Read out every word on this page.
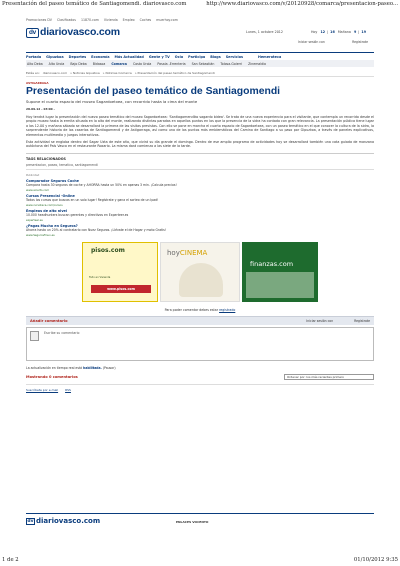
Presentación del paseo temático de Santiagomendi. diariovasco.com	http://www.diariovasco.com/v/20120928/comarca/presentacion-paseo...
Promociones DV Clasificados 11870.com Vivienda Empleo Coches muerhoy.com
dv diariovasco.com	Lunes, 1 octubre 2012	Hoy 12 | 16 Mañana 9 | 19
Iniciar sesión con	Registrate
Portada Gipuzkoa Deportes Economía Más Actualidad Gente y TV Ocio Participa Blogs Servicios	Hemeroteca
Alto Deba	Alto Urola	Bajo Deba	Bidasoa	Comarca	Costa Urola	Pasaia -Errenteria	San Sebastián	Tolosa-Goierri	Zinemaldia
Estás en: diariovasco.com » Noticias Gipuzkoa » Noticias Comarca » Presentación del paseo temático de Santiagomendi
ASTIGARRAGA
Presentación del paseo temático de Santiagomendi
Supone el cuarto espacio del museo Sagardoetxea, con recorrido hasta la cima del monte
28.09.12 - 03:00 -

Hoy tendrá lugar la presentación del nuevo paseo temático del museo Sagardoetxea: 'Santiagomendiko sagardo bidea'. Se trata de una nueva experiencia para el visitante, que contempla un recorrido desde el propio museo hasta la ermita situada en lo alto del monte, realizando distintas paradas en aquellos puntos en los que la presencia de la sidra ha contado con gran relevancia. La presentación pública tiene lugar a las 12.00 y mañana sábado se desarrollará la primera de las visitas previstas. Con ello se pone en marcha el cuarto espacio de Sagardoetxea, con un paseo temático en el que conocer la cultura de la sidra, la sorprendente historia de los caseríos de Santiagomendi y de Astigarraga, así como uno de los puntos más emblemáticos del Camino de Santiago a su paso por Gipuzkoa, a través de paneles explicativos, elementos multimedia y juegos interactivos.

Esta actividad se engloba dentro del Sagar Uzta de este año, que vivirá su día grande el domingo. Dentro de ese amplio programa de actividades hoy se desarrollará también una cata guiada de manzana autóctona del País Vasco en el restaurante Roxario. La misma dará comienzo a las siete de la tarde.

TAGS RELACIONADOS
presentacion, paseo, tematico, santiagomendi
Publicidad
Comparador Seguros Coche
Compara hasta 30 seguros de coche y AHORRA hasta un 50% en apenas 3 min. ¡Calcula precios!
www.acierto.com
Cursos Presencial -Online
Todos los cursos que buscas en un solo lugar! Regístrate y gana el sorteo de un Ipad!
www.cursoteca.com/cursos
Empleos de alto nivel
10.000 headhunters buscan gerentes y directivos en Experteer.es
experteer.es
¿Pagas Mucho en Seguros?
Ahorra hasta un 20% al contratarlo con Nuez Seguros. ¡Llévate el de Hogar y moto Gratis!
www.Segurosfinuo.es
pisos.com
Todo en Vivienda
www.pisos.com
hoyCINEMA
finanzas.com
Para poder comentar debes estar registrado
Añadir comentario	Iniciar sesión con	Registrate
Escribe su comentario
La actualización en tiempo real está habilitada. (Pausar)
Mostrando 0 comentarios	Ordenar por: los más recientes primero
Suscríbete por e-mail RSS
dv diariovasco.com	ENLACES VOCENTO
1 de 2	01/10/2012 9:35
